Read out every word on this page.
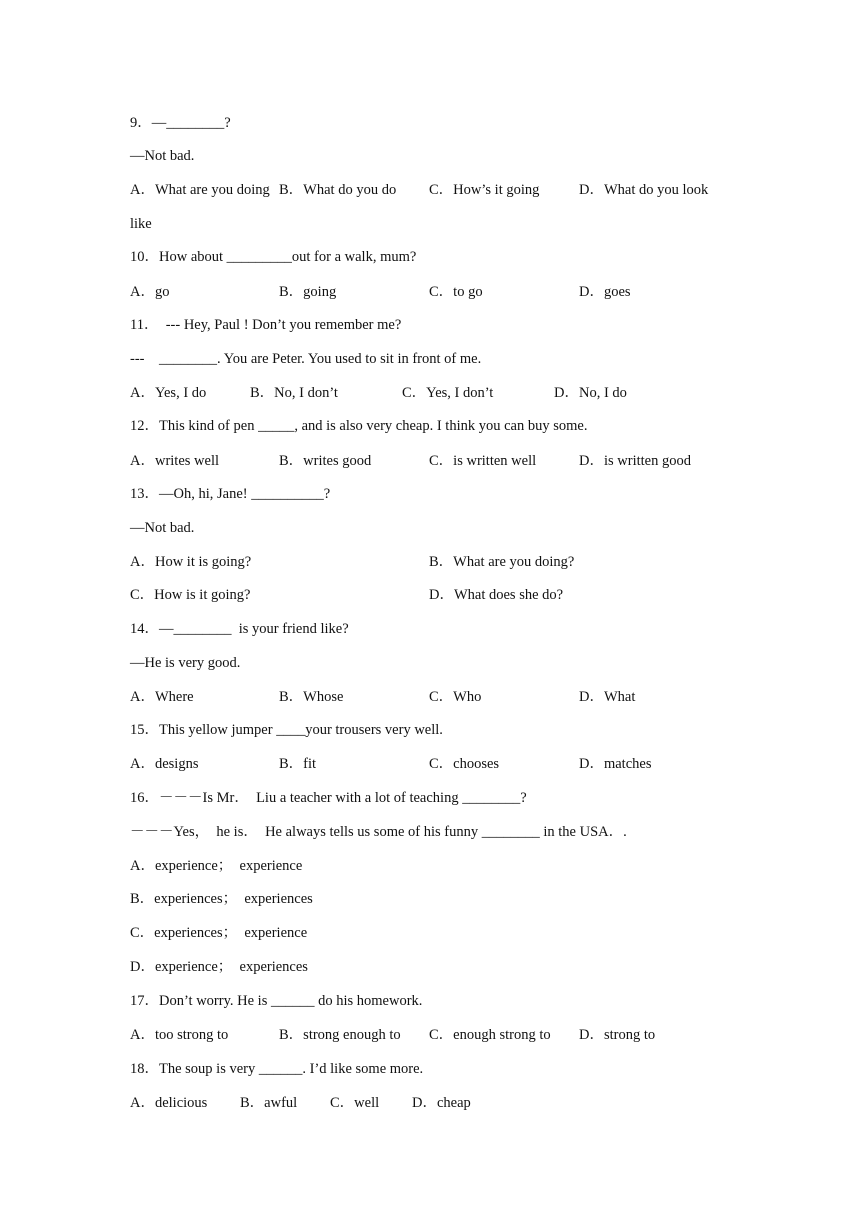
9．—________?
—Not bad.
A．What are you doing B．What do you do C．How’s it going	D．What do you look
like
10．How about _________out for a walk, mum?
A．go	B．going	C．to go	D．goes
11．  --- Hey, Paul ! Don’t you remember me?
---    ________. You are Peter. You used to sit in front of me.
A．Yes, I do	B．No, I don’t	C．Yes, I don’t	D．No, I do
12．This kind of pen _____, and is also very cheap. I think you can buy some.
A．writes well	B．writes good	C．is written well	D．is written good
13．—Oh, hi, Jane! __________?
—Not bad.
A．How it is going?	B．What are you doing?
C．How is it going?	D．What does she do?
14．—________  is your friend like?
—He is very good.
A．Where	B．Whose	C．Who	D．What
15．This yellow jumper ____your trousers very well.
A．designs	B．fit	C．chooses	D．matches
16．－－－Is Mr．  Liu a teacher with a lot of teaching ________?
－－－Yes，  he is．  He always tells us some of his funny ________ in the USA．.
A．experience；  experience
B．experiences；  experiences
C．experiences；  experience
D．experience；  experiences
17．Don’t worry. He is ______ do his homework.
A．too strong to	B．strong enough to C．enough strong to D．strong to
18．The soup is very ______. I’d like some more.
A．delicious B．awful C．well D．cheap
